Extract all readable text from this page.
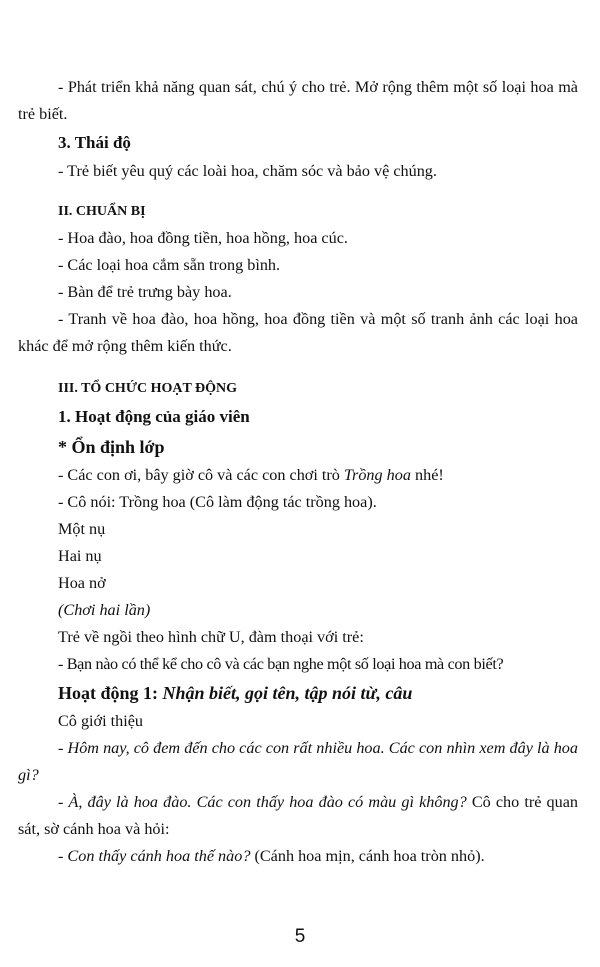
- Phát triển khả năng quan sát, chú ý cho trẻ. Mở rộng thêm một số loại hoa mà trẻ biết.

3. Thái độ

- Trẻ biết yêu quý các loài hoa, chăm sóc và bảo vệ chúng.

II. CHUẨN BỊ

- Hoa đào, hoa đồng tiền, hoa hồng, hoa cúc.

- Các loại hoa cắm sẵn trong bình.

- Bàn để trẻ trưng bày hoa.

- Tranh về hoa đào, hoa hồng, hoa đồng tiền và một số tranh ảnh các loại hoa khác để mở rộng thêm kiến thức.

III. TỔ CHỨC HOẠT ĐỘNG
1. Hoạt động của giáo viên
* Ổn định lớp

- Các con ơi, bây giờ cô và các con chơi trò Trồng hoa nhé!

- Cô nói: Trồng hoa (Cô làm động tác trồng hoa).

Một nụ

Hai nụ

Hoa nở

(Chơi hai lần)

Trẻ về ngồi theo hình chữ U, đàm thoại với trẻ:

- Bạn nào có thể kể cho cô và các bạn nghe một số loại hoa mà con biết?

Hoạt động 1: Nhận biết, gọi tên, tập nói từ, câu

Cô giới thiệu

- Hôm nay, cô đem đến cho các con rất nhiều hoa. Các con nhìn xem đây là hoa gì?

- À, đây là hoa đào. Các con thấy hoa đào có màu gì không? Cô cho trẻ quan sát, sờ cánh hoa và hỏi:

- Con thấy cánh hoa thế nào? (Cánh hoa mịn, cánh hoa tròn nhỏ).

5
